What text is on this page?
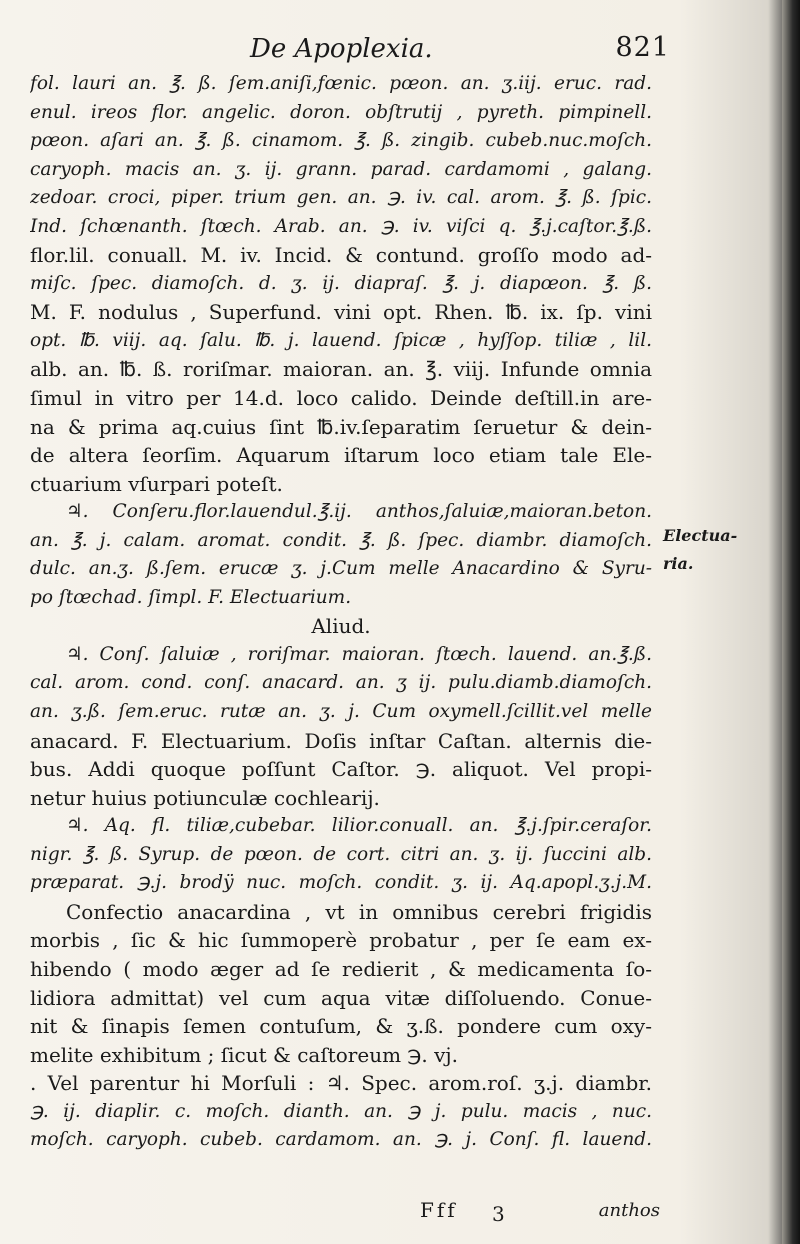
De Apoplexia.	821
fol. lauri an. ℥. ß. ſem.aniſi,fœnic. pœon. an. ʒ.iij. eruc. rad.
enul. ireos flor. angelic. doron. obſtrutij , pyreth. pimpinell.
pœon. aſari an. ℥. ß. cinamom. ℥. ß. zingib. cubeb.nuc.moſch.
caryoph. macis an. ʒ. ij. grann. parad. cardamomi , galang.
zedoar. croci, piper. trium gen. an. ℈. iv. cal. arom. ℥. ß. ſpic.
Ind. ſchœnanth. ſtœch. Arab. an. ℈. iv. viſci q. ℥.j.caſtor.℥.ß.
flor.lil. conuall. M. iv. Incid. & contund. groſſo modo ad-
miſc. ſpec. diamoſch. d. ʒ. ij. diapraſ. ℥. j. diapœon. ℥. ß.
M. F. nodulus , Superfund. vini opt. Rhen. ℔. ix. ſp. vini
opt. ℔. viij. aq. ſalu. ℔. j. lauend. ſpicæ , hyſſop. tiliæ , lil.
alb. an. ℔. ß. roriſmar. maioran. an. ℥. viij. Infunde omnia
ſimul in vitro per 14.d. loco calido. Deinde deſtill.in are-
na & prima aq.cuius ſint ℔.iv.ſeparatim ſeruetur & dein-
de altera ſeorſim. Aquarum iſtarum loco etiam tale Ele-
ctuarium vſurpari poteſt.
♃. Conſeru.flor.lauendul.℥.ij. anthos,ſaluiæ,maioran.beton.
an. ℥. j. calam. aromat. condit. ℥. ß. ſpec. diambr. diamoſch.
dulc. an.ʒ. ß.ſem. erucæ ʒ. j.Cum melle Anacardino & Syru-
po ſtœchad. ſimpl. F. Electuarium.
Aliud.
♃. Conſ. ſaluiæ , roriſmar. maioran. ſtœch. lauend. an.℥.ß.
cal. arom. cond. conſ. anacard. an. ʒ ij. pulu.diamb.diamoſch.
an. ʒ.ß. ſem.eruc. rutæ an. ʒ. j. Cum oxymell.ſcillit.vel melle
anacard. F. Electuarium. Doſis inſtar Caſtan. alternis die-
bus. Addi quoque poſſunt Caſtor. ℈. aliquot. Vel propi-
netur huius potiunculæ cochlearij.
♃. Aq. fl. tiliæ,cubebar. lilior.conuall. an. ℥.j.ſpir.ceraſor.
nigr. ℥. ß. Syrup. de pœon. de cort. citri an. ʒ. ij. ſuccini alb.
præparat. ℈.j. brodÿ nuc. moſch. condit. ʒ. ij. Aq.apopl.ʒ.j.M.
Confectio anacardina , vt in omnibus cerebri frigidis
morbis , ſic & hic ſummoperè probatur , per ſe eam ex-
hibendo ( modo æger ad ſe redierit , & medicamenta ſo-
lidiora admittat) vel cum aqua vitæ diſſoluendo. Conue-
nit & ſinapis ſemen contuſum, & ʒ.ß. pondere cum oxy-
melite exhibitum ; ſicut & caſtoreum ℈. vj.
. Vel parentur hi Morſuli : ♃. Spec. arom.roſ. ʒ.j. diambr.
℈. ij. diaplir. c. moſch. dianth. an. ℈ j. pulu. macis , nuc.
moſch. caryoph. cubeb. cardamom. an. ℈. j. Conſ. fl. lauend.
Electua-
ria.
Fff 3	anthos
